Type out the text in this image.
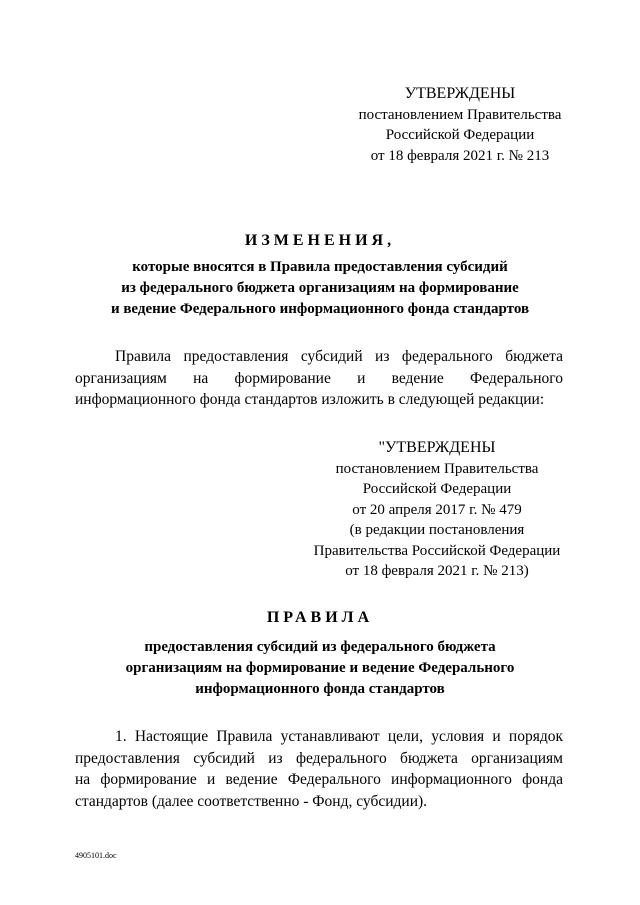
УТВЕРЖДЕНЫ
постановлением Правительства
Российской Федерации
от 18 февраля 2021 г. № 213
ИЗМЕНЕНИЯ,
которые вносятся в Правила предоставления субсидий
из федерального бюджета организациям на формирование
и ведение Федерального информационного фонда стандартов
Правила предоставления субсидий из федерального бюджета
организациям на формирование и ведение Федерального
информационного фонда стандартов изложить в следующей редакции:
"УТВЕРЖДЕНЫ
постановлением Правительства
Российской Федерации
от 20 апреля 2017 г. № 479
(в редакции постановления
Правительства Российской Федерации
от 18 февраля 2021 г. № 213)
ПРАВИЛА
предоставления субсидий из федерального бюджета
организациям на формирование и ведение Федерального
информационного фонда стандартов
1. Настоящие Правила устанавливают цели, условия и порядок
предоставления субсидий из федерального бюджета организациям
на формирование и ведение Федерального информационного фонда
стандартов (далее соответственно - Фонд, субсидии).
4905101.doc
